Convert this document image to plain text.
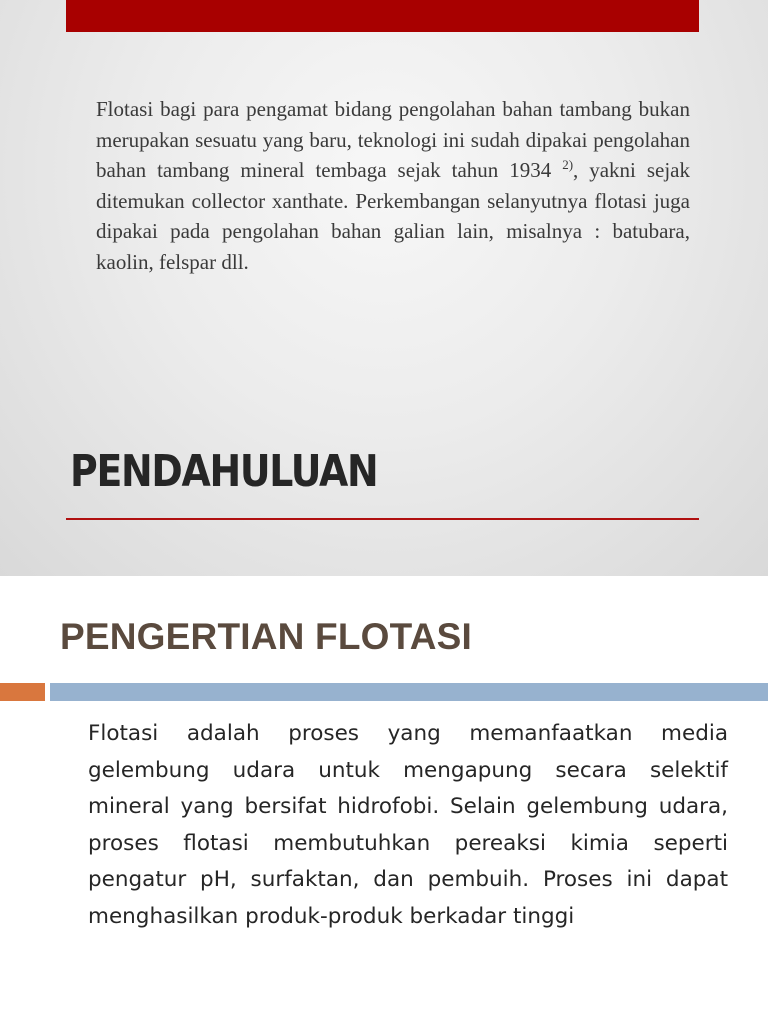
Flotasi bagi para pengamat bidang pengolahan bahan tambang bukan merupakan sesuatu yang baru, teknologi ini sudah dipakai pengolahan bahan tambang mineral tembaga sejak tahun 1934 $^{2)}$, yakni sejak ditemukan collector xanthate. Perkembangan selanyutnya flotasi juga dipakai pada pengolahan bahan galian lain, misalnya : batubara, kaolin, felspar dll.

PENDAHULUAN
PENGERTIAN FLOTASI

Flotasi adalah proses yang memanfaatkan media gelembung udara untuk mengapung secara selektif mineral yang bersifat hidrofobi. Selain gelembung udara, proses flotasi membutuhkan pereaksi kimia seperti pengatur pH, surfaktan, dan pembuih. Proses ini dapat menghasilkan produk-produk berkadar tinggi
